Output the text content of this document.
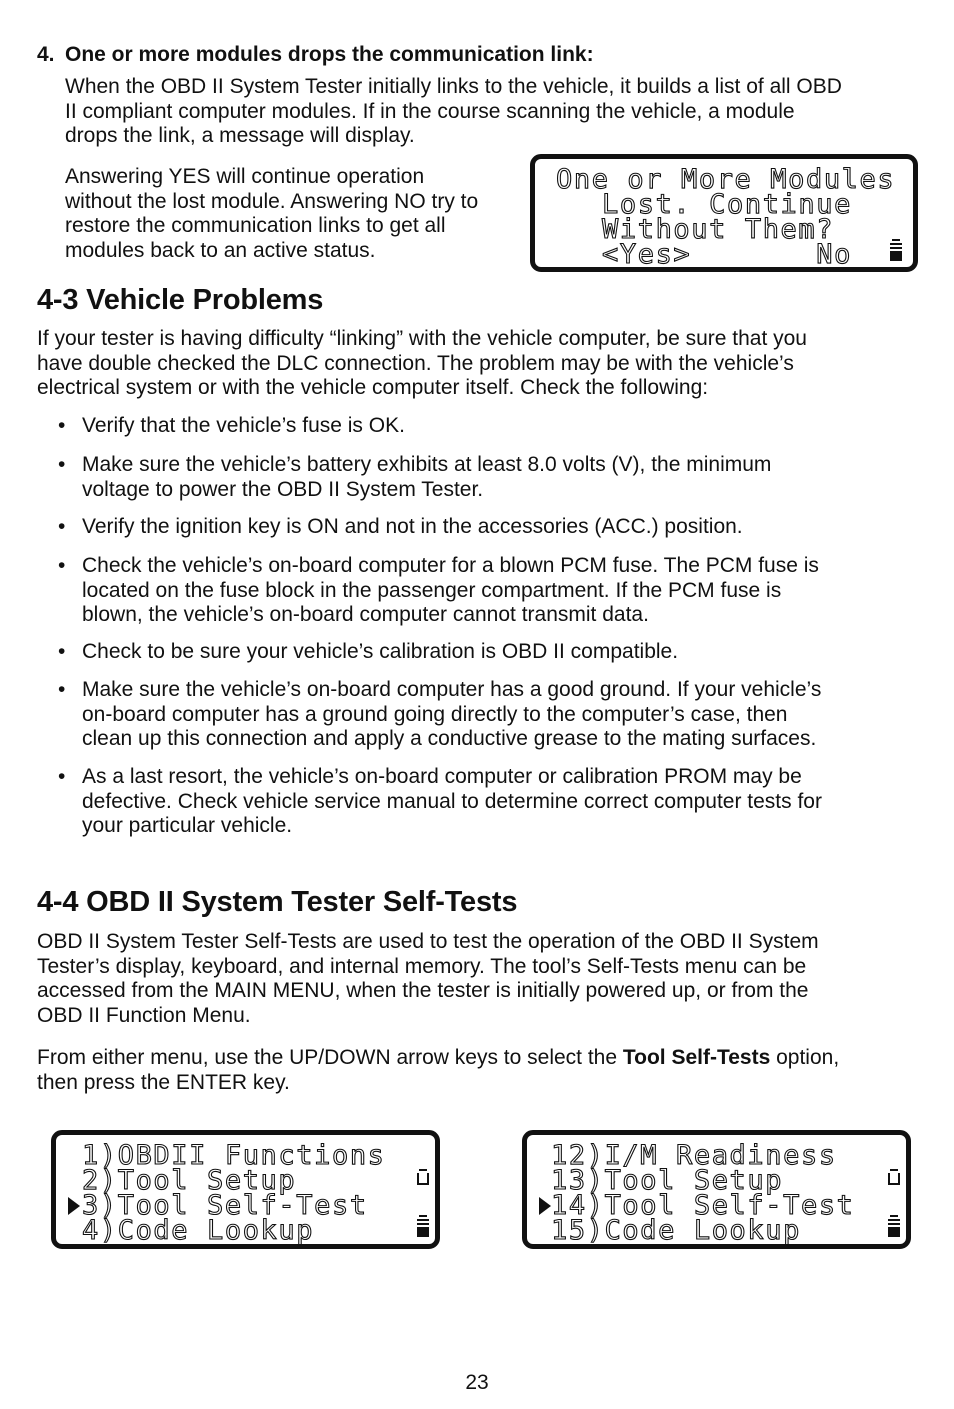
4. One or more modules drops the communication link:
When the OBD II System Tester initially links to the vehicle, it builds a list of all OBD
II compliant computer modules. If in the course scanning the vehicle, a module
drops the link, a message will display.
Answering YES will continue operation
without the lost module. Answering NO try to
restore the communication links to get all
modules back to an active status.
One or More Modules
Lost. Continue
Without Them?
<Yes>       No
4-3 Vehicle Problems
If your tester is having difficulty “linking” with the vehicle computer, be sure that you
have double checked the DLC connection. The problem may be with the vehicle’s
electrical system or with the vehicle computer itself. Check the following:
• Verify that the vehicle’s fuse is OK.
• Make sure the vehicle’s battery exhibits at least 8.0 volts (V), the minimum
voltage to power the OBD II System Tester.
• Verify the ignition key is ON and not in the accessories (ACC.) position.
• Check the vehicle’s on-board computer for a blown PCM fuse. The PCM fuse is
located on the fuse block in the passenger compartment. If the PCM fuse is
blown, the vehicle’s on-board computer cannot transmit data.
• Check to be sure your vehicle’s calibration is OBD II compatible.
• Make sure the vehicle’s on-board computer has a good ground. If your vehicle’s
on-board computer has a ground going directly to the computer’s case, then
clean up this connection and apply a conductive grease to the mating surfaces.
• As a last resort, the vehicle’s on-board computer or calibration PROM may be
defective. Check vehicle service manual to determine correct computer tests for
your particular vehicle.
4-4 OBD II System Tester Self-Tests
OBD II System Tester Self-Tests are used to test the operation of the OBD II System
Tester’s display, keyboard, and internal memory. The tool’s Self-Tests menu can be
accessed from the MAIN MENU, when the tester is initially powered up, or from the
OBD II Function Menu.
From either menu, use the UP/DOWN arrow keys to select the Tool Self-Tests option,
then press the ENTER key.
1)OBDII Functions
2)Tool Setup
3)Tool Self-Test
4)Code Lookup
12)I/M Readiness
13)Tool Setup
14)Tool Self-Test
15)Code Lookup
23
